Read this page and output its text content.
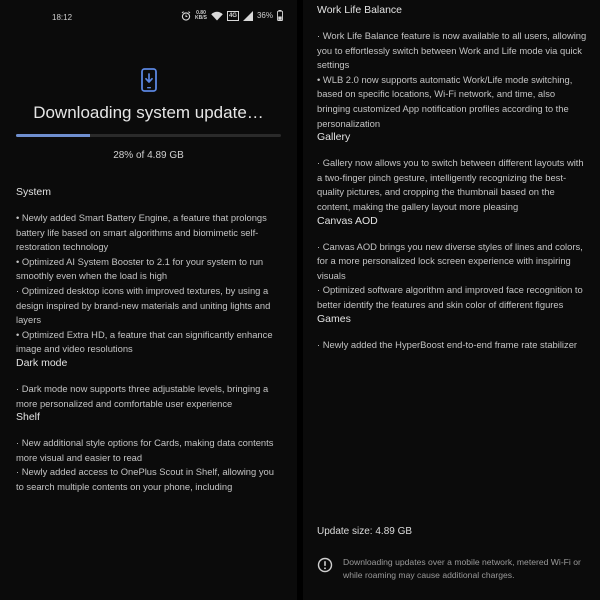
18:12
0.80
KB/S	4G	36%
Downloading system update…
28% of 4.89 GB
System

• Newly added Smart Battery Engine, a feature that prolongs battery life based on smart algorithms and biomimetic self-restoration technology

• Optimized AI System Booster to 2.1 for your system to run smoothly even when the load is high

· Optimized desktop icons with improved textures, by using a design inspired by brand-new materials and uniting lights and layers

• Optimized Extra HD, a feature that can significantly enhance image and video resolutions

Dark mode

· Dark mode now supports three adjustable levels, bringing a more personalized and comfortable user experience

Shelf

· New additional style options for Cards, making data contents more visual and easier to read

· Newly added access to OnePlus Scout in Shelf, allowing you to search multiple contents on your phone, including

Work Life Balance

· Work Life Balance feature is now available to all users, allowing you to effortlessly switch between Work and Life mode via quick settings

• WLB 2.0 now supports automatic Work/Life mode switching, based on specific locations, Wi-Fi network, and time, also bringing customized App notification profiles according to the personalization

Gallery

· Gallery now allows you to switch between different layouts with a two-finger pinch gesture, intelligently recognizing the best-quality pictures, and cropping the thumbnail based on the content, making the gallery layout more pleasing

Canvas AOD

· Canvas AOD brings you new diverse styles of lines and colors, for a more personalized lock screen experience with inspiring visuals

· Optimized software algorithm and improved face recognition to better identify the features and skin color of different figures

Games

· Newly added the HyperBoost end-to-end frame rate stabilizer

Update size: 4.89 GB
Downloading updates over a mobile network, metered Wi-Fi or while roaming may cause additional charges.
